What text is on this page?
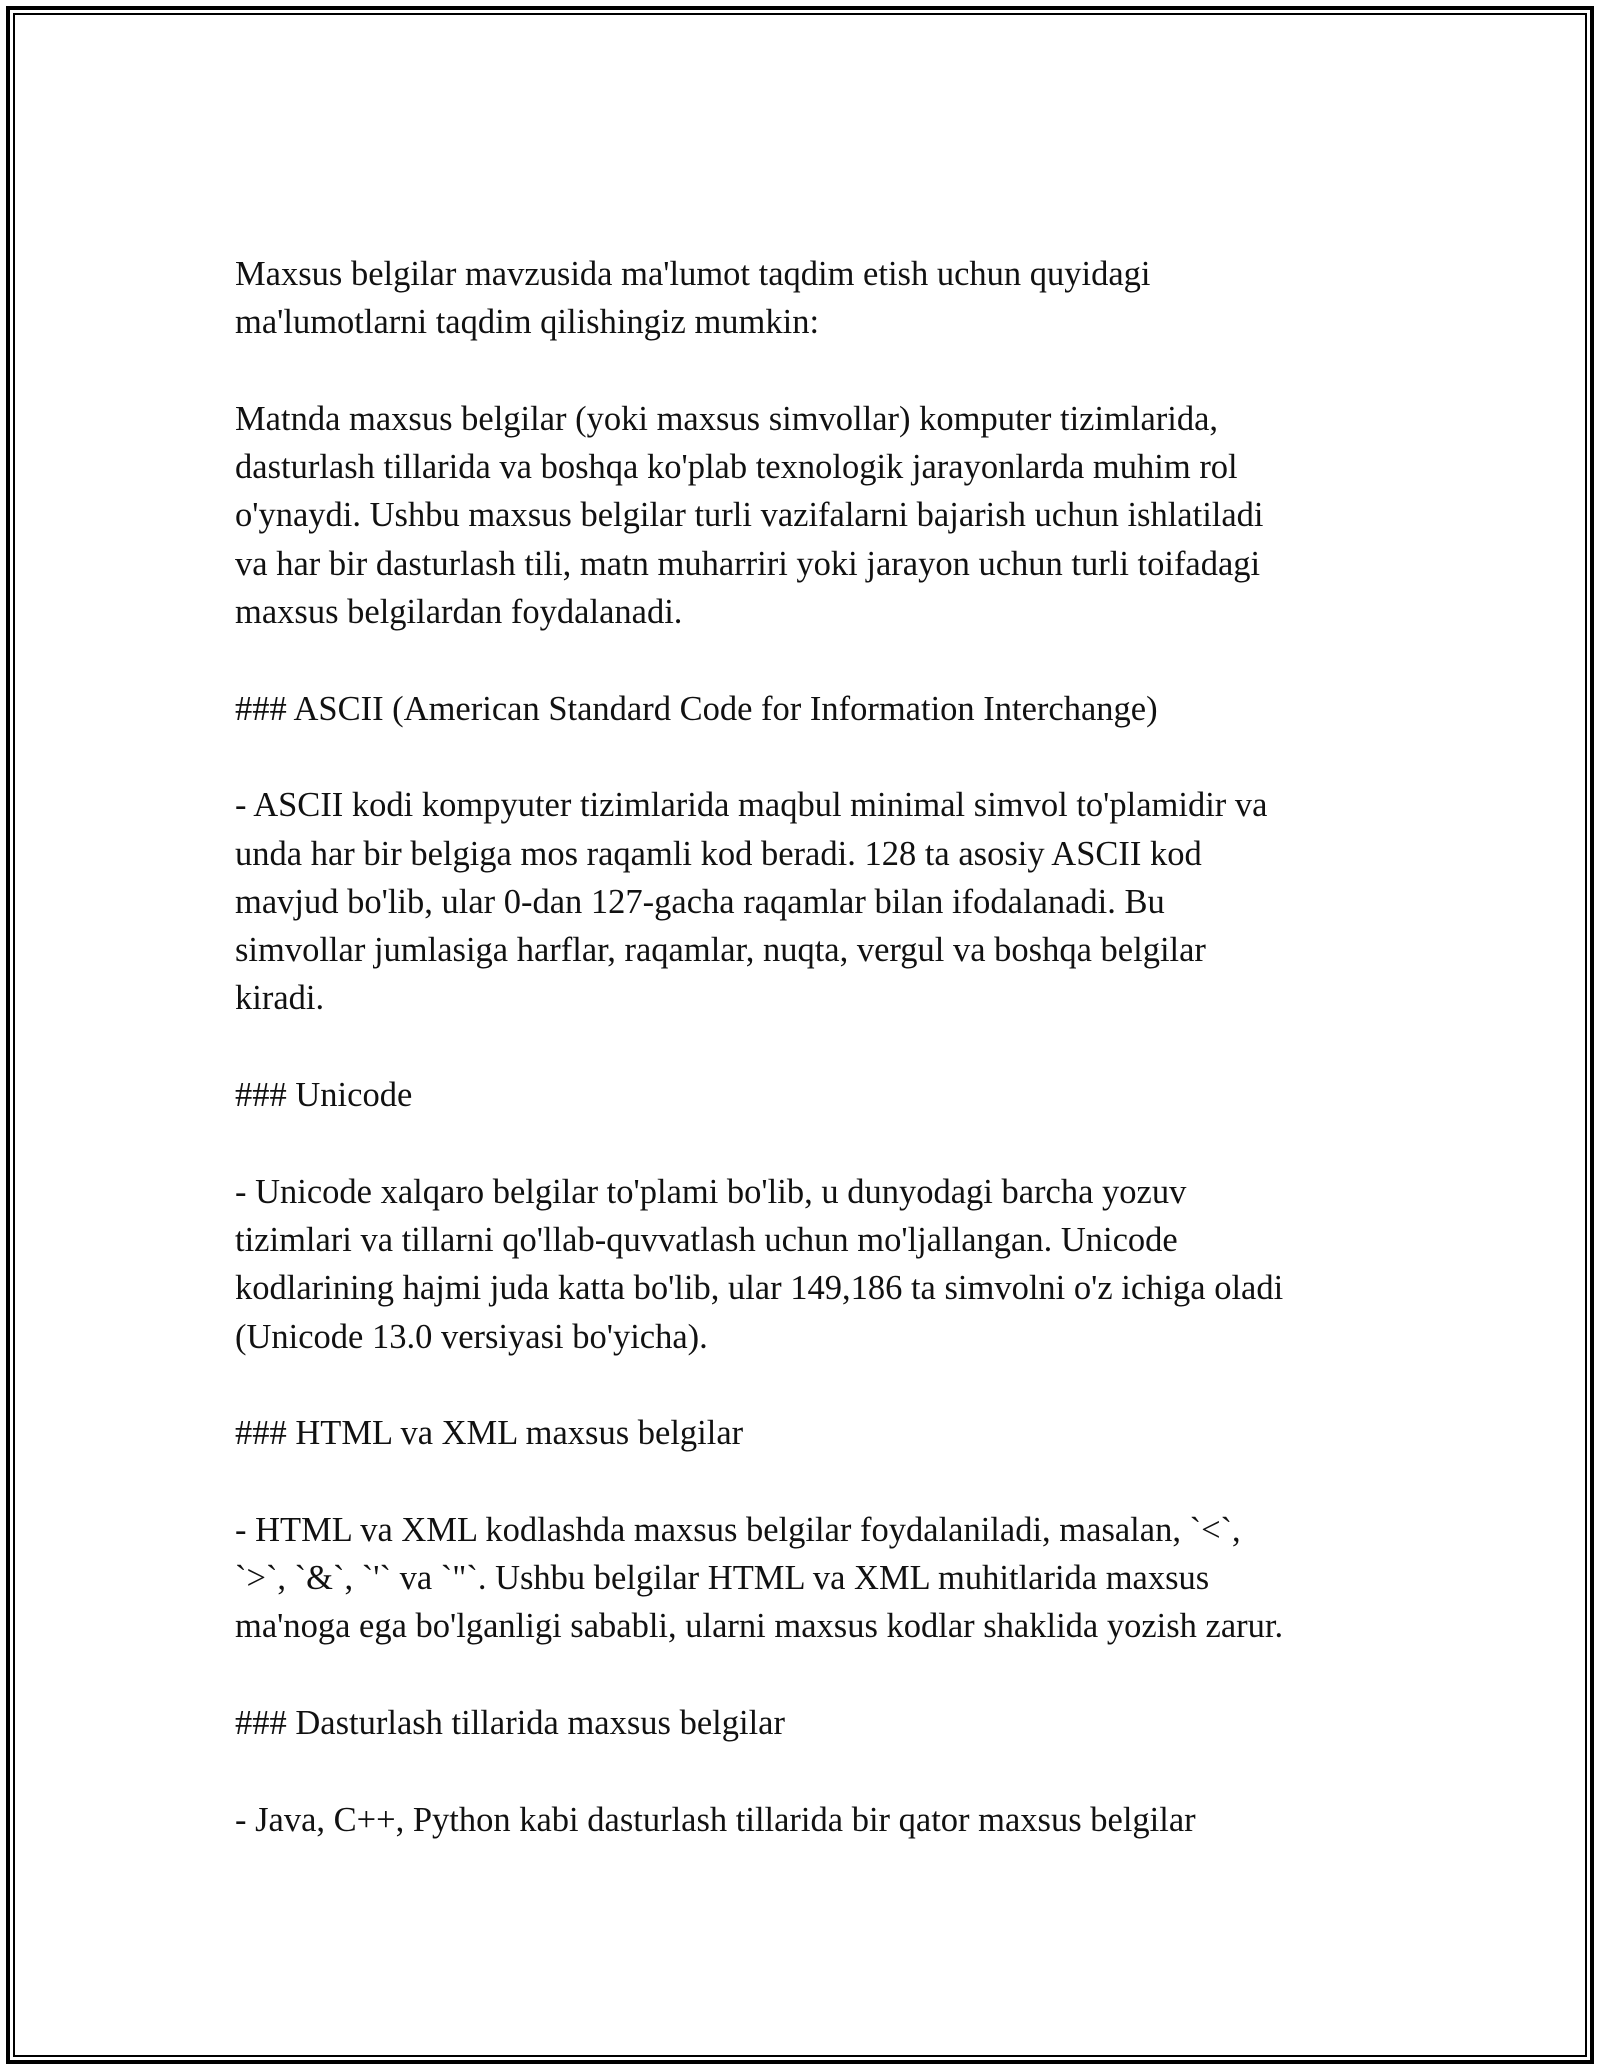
Maxsus belgilar mavzusida ma'lumot taqdim etish uchun quyidagi
ma'lumotlarni taqdim qilishingiz mumkin:

Matnda maxsus belgilar (yoki maxsus simvollar) komputer tizimlarida,
dasturlash tillarida va boshqa ko'plab texnologik jarayonlarda muhim rol
o'ynaydi. Ushbu maxsus belgilar turli vazifalarni bajarish uchun ishlatiladi
va har bir dasturlash tili, matn muharriri yoki jarayon uchun turli toifadagi
maxsus belgilardan foydalanadi.

### ASCII (American Standard Code for Information Interchange)

- ASCII kodi kompyuter tizimlarida maqbul minimal simvol to'plamidir va
unda har bir belgiga mos raqamli kod beradi. 128 ta asosiy ASCII kod
mavjud bo'lib, ular 0-dan 127-gacha raqamlar bilan ifodalanadi. Bu
simvollar jumlasiga harflar, raqamlar, nuqta, vergul va boshqa belgilar
kiradi.

### Unicode

- Unicode xalqaro belgilar to'plami bo'lib, u dunyodagi barcha yozuv
tizimlari va tillarni qo'llab-quvvatlash uchun mo'ljallangan. Unicode
kodlarining hajmi juda katta bo'lib, ular 149,186 ta simvolni o'z ichiga oladi
(Unicode 13.0 versiyasi bo'yicha).

### HTML va XML maxsus belgilar

- HTML va XML kodlashda maxsus belgilar foydalaniladi, masalan, `<`,
`>`, `&`, `'` va `"`. Ushbu belgilar HTML va XML muhitlarida maxsus
ma'noga ega bo'lganligi sababli, ularni maxsus kodlar shaklida yozish zarur.

### Dasturlash tillarida maxsus belgilar

- Java, C++, Python kabi dasturlash tillarida bir qator maxsus belgilar
